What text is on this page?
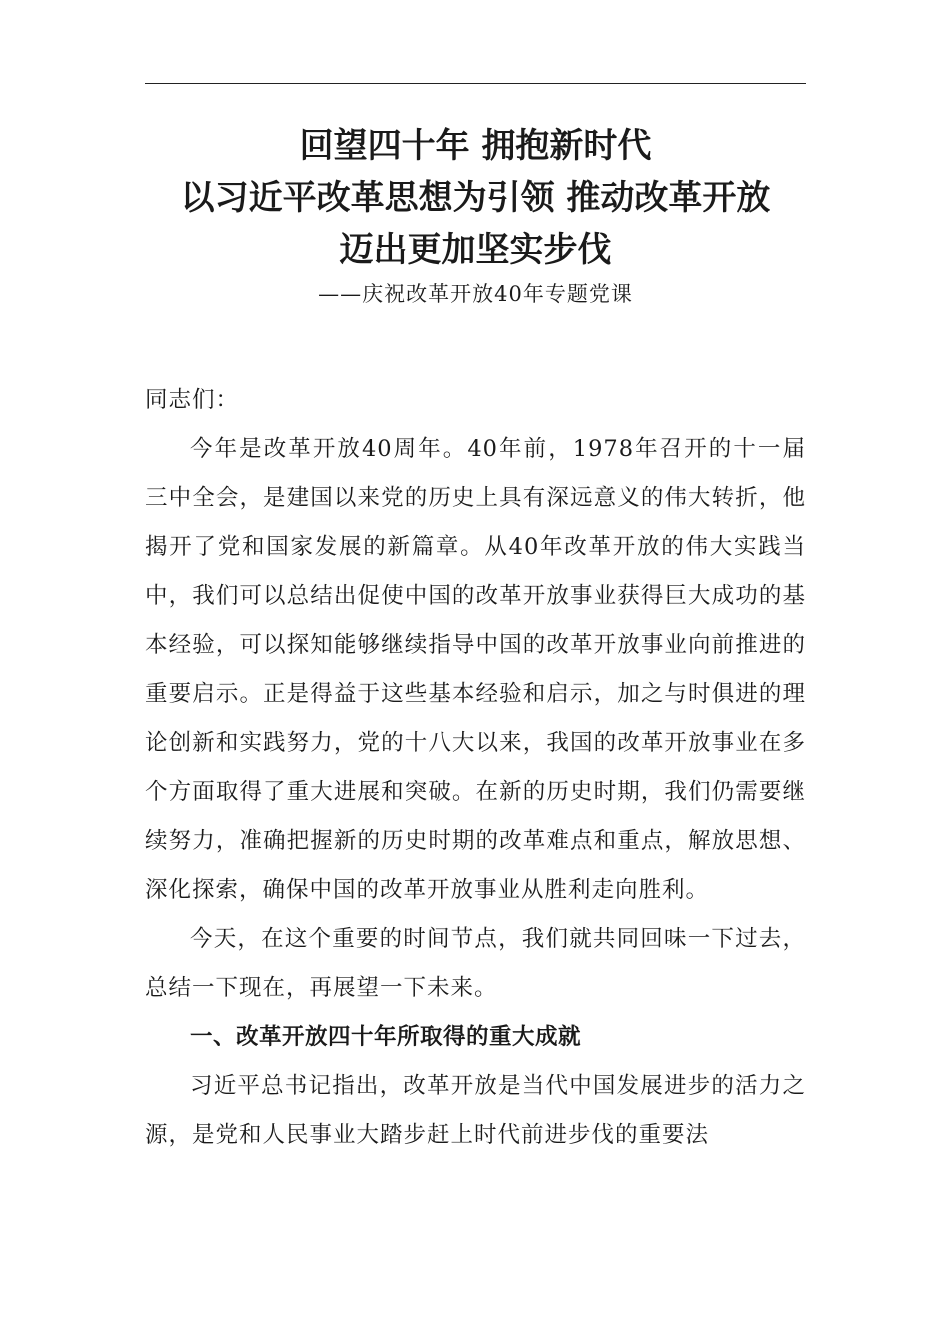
回望四十年 拥抱新时代
以习近平改革思想为引领 推动改革开放
迈出更加坚实步伐
——庆祝改革开放40年专题党课

同志们：

今年是改革开放40周年。40年前，1978年召开的十一届三中全会，是建国以来党的历史上具有深远意义的伟大转折，他揭开了党和国家发展的新篇章。从40年改革开放的伟大实践当中，我们可以总结出促使中国的改革开放事业获得巨大成功的基本经验，可以探知能够继续指导中国的改革开放事业向前推进的重要启示。正是得益于这些基本经验和启示，加之与时俱进的理论创新和实践努力，党的十八大以来，我国的改革开放事业在多个方面取得了重大进展和突破。在新的历史时期，我们仍需要继续努力，准确把握新的历史时期的改革难点和重点，解放思想、深化探索，确保中国的改革开放事业从胜利走向胜利。

今天，在这个重要的时间节点，我们就共同回味一下过去，总结一下现在，再展望一下未来。

一、改革开放四十年所取得的重大成就

习近平总书记指出，改革开放是当代中国发展进步的活力之源，是党和人民事业大踏步赶上时代前进步伐的重要法
